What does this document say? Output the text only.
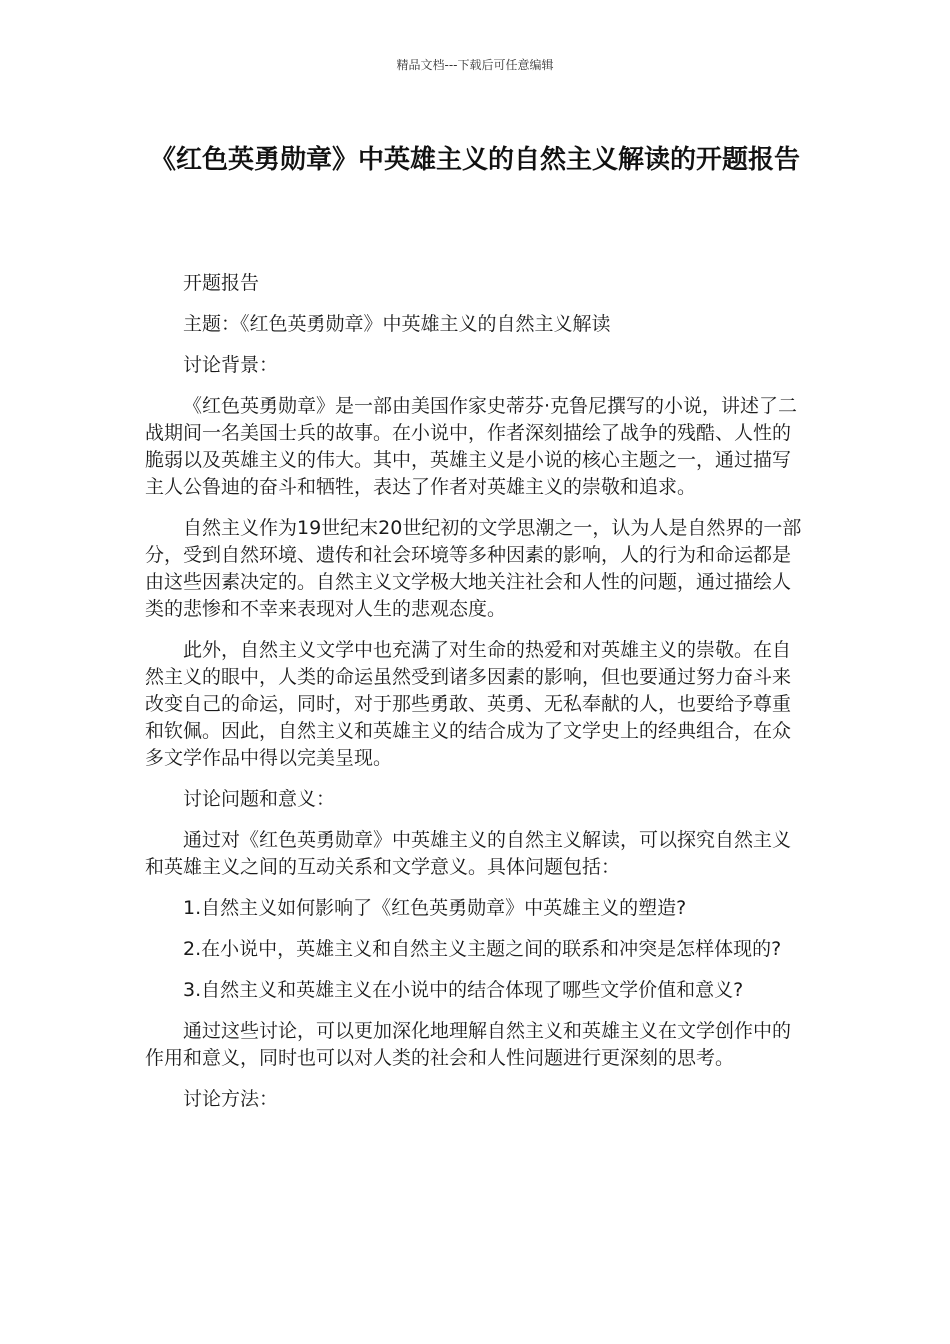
精品文档---下载后可任意编辑
《红色英勇勋章》中英雄主义的自然主义解读的开题报告

开题报告

主题：《红色英勇勋章》中英雄主义的自然主义解读

讨论背景：

《红色英勇勋章》是一部由美国作家史蒂芬·克鲁尼撰写的小说，讲述了二战期间一名美国士兵的故事。在小说中，作者深刻描绘了战争的残酷、人性的脆弱以及英雄主义的伟大。其中，英雄主义是小说的核心主题之一，通过描写主人公鲁迪的奋斗和牺牲，表达了作者对英雄主义的崇敬和追求。

自然主义作为19世纪末20世纪初的文学思潮之一，认为人是自然界的一部分，受到自然环境、遗传和社会环境等多种因素的影响，人的行为和命运都是由这些因素决定的。自然主义文学极大地关注社会和人性的问题，通过描绘人类的悲惨和不幸来表现对人生的悲观态度。

此外，自然主义文学中也充满了对生命的热爱和对英雄主义的崇敬。在自然主义的眼中，人类的命运虽然受到诸多因素的影响，但也要通过努力奋斗来改变自己的命运，同时，对于那些勇敢、英勇、无私奉献的人，也要给予尊重和钦佩。因此，自然主义和英雄主义的结合成为了文学史上的经典组合，在众多文学作品中得以完美呈现。

讨论问题和意义：

通过对《红色英勇勋章》中英雄主义的自然主义解读，可以探究自然主义和英雄主义之间的互动关系和文学意义。具体问题包括：

1.自然主义如何影响了《红色英勇勋章》中英雄主义的塑造?

2.在小说中，英雄主义和自然主义主题之间的联系和冲突是怎样体现的?

3.自然主义和英雄主义在小说中的结合体现了哪些文学价值和意义?

通过这些讨论，可以更加深化地理解自然主义和英雄主义在文学创作中的作用和意义，同时也可以对人类的社会和人性问题进行更深刻的思考。

讨论方法：
